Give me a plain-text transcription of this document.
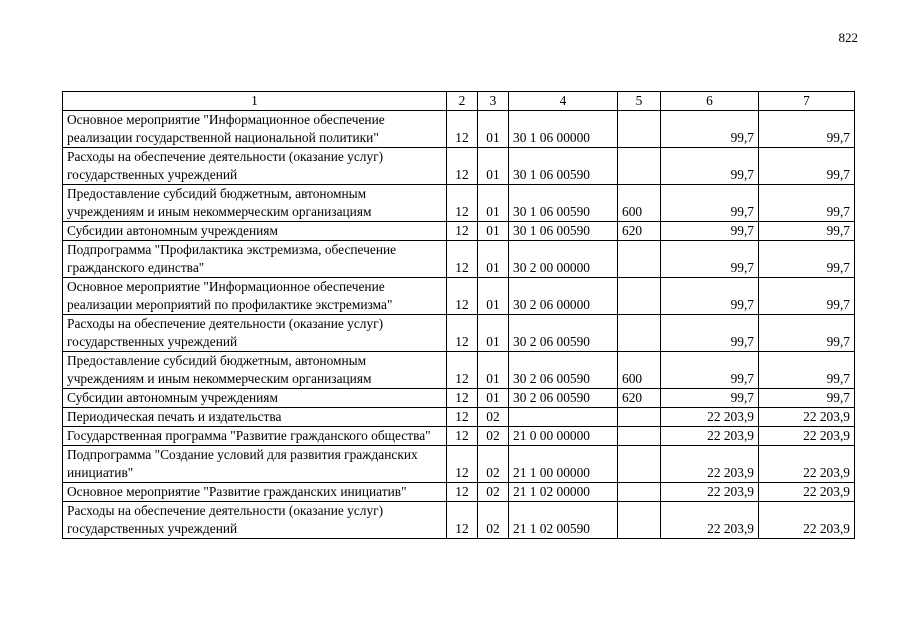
822
1	2	3	4	5	6	7
Основное мероприятие "Информационное обеспечение реализации государственной национальной политики"	12	01	30 1 06 00000		99,7	99,7
Расходы на обеспечение деятельности (оказание услуг) государственных учреждений	12	01	30 1 06 00590		99,7	99,7
Предоставление субсидий бюджетным, автономным учреждениям и иным некоммерческим организациям	12	01	30 1 06 00590	600	99,7	99,7
Субсидии автономным учреждениям	12	01	30 1 06 00590	620	99,7	99,7
Подпрограмма "Профилактика экстремизма, обеспечение гражданского единства"	12	01	30 2 00 00000		99,7	99,7
Основное мероприятие "Информационное обеспечение реализации мероприятий по профилактике экстремизма"	12	01	30 2 06 00000		99,7	99,7
Расходы на обеспечение деятельности (оказание услуг) государственных учреждений	12	01	30 2 06 00590		99,7	99,7
Предоставление субсидий бюджетным, автономным учреждениям и иным некоммерческим организациям	12	01	30 2 06 00590	600	99,7	99,7
Субсидии автономным учреждениям	12	01	30 2 06 00590	620	99,7	99,7
Периодическая печать и издательства	12	02			22 203,9	22 203,9
Государственная программа "Развитие гражданского общества"	12	02	21 0 00 00000		22 203,9	22 203,9
Подпрограмма "Создание условий для развития гражданских инициатив"	12	02	21 1 00 00000		22 203,9	22 203,9
Основное мероприятие "Развитие гражданских инициатив"	12	02	21 1 02 00000		22 203,9	22 203,9
Расходы на обеспечение деятельности (оказание услуг) государственных учреждений	12	02	21 1 02 00590		22 203,9	22 203,9
